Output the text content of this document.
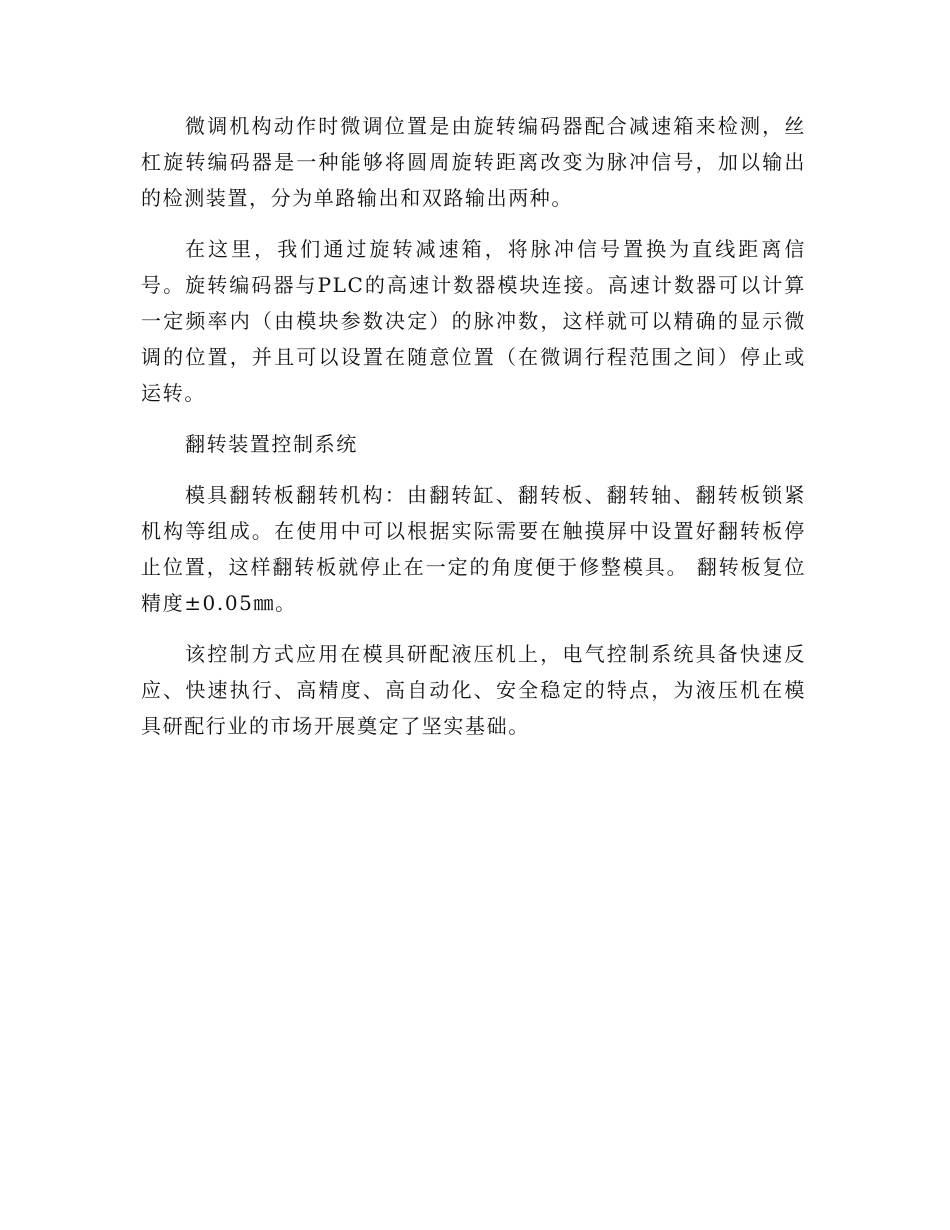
微调机构动作时微调位置是由旋转编码器配合减速箱来检测，丝杠旋转编码器是一种能够将圆周旋转距离改变为脉冲信号，加以输出的检测装置，分为单路输出和双路输出两种。

在这里，我们通过旋转减速箱，将脉冲信号置换为直线距离信号。旋转编码器与PLC的高速计数器模块连接。高速计数器可以计算一定频率内（由模块参数决定）的脉冲数，这样就可以精确的显示微调的位置，并且可以设置在随意位置（在微调行程范围之间）停止或运转。

翻转装置控制系统

模具翻转板翻转机构：由翻转缸、翻转板、翻转轴、翻转板锁紧机构等组成。在使用中可以根据实际需要在触摸屏中设置好翻转板停止位置，这样翻转板就停止在一定的角度便于修整模具。 翻转板复位精度±0.05㎜。

该控制方式应用在模具研配液压机上，电气控制系统具备快速反应、快速执行、高精度、高自动化、安全稳定的特点，为液压机在模具研配行业的市场开展奠定了坚实基础。
